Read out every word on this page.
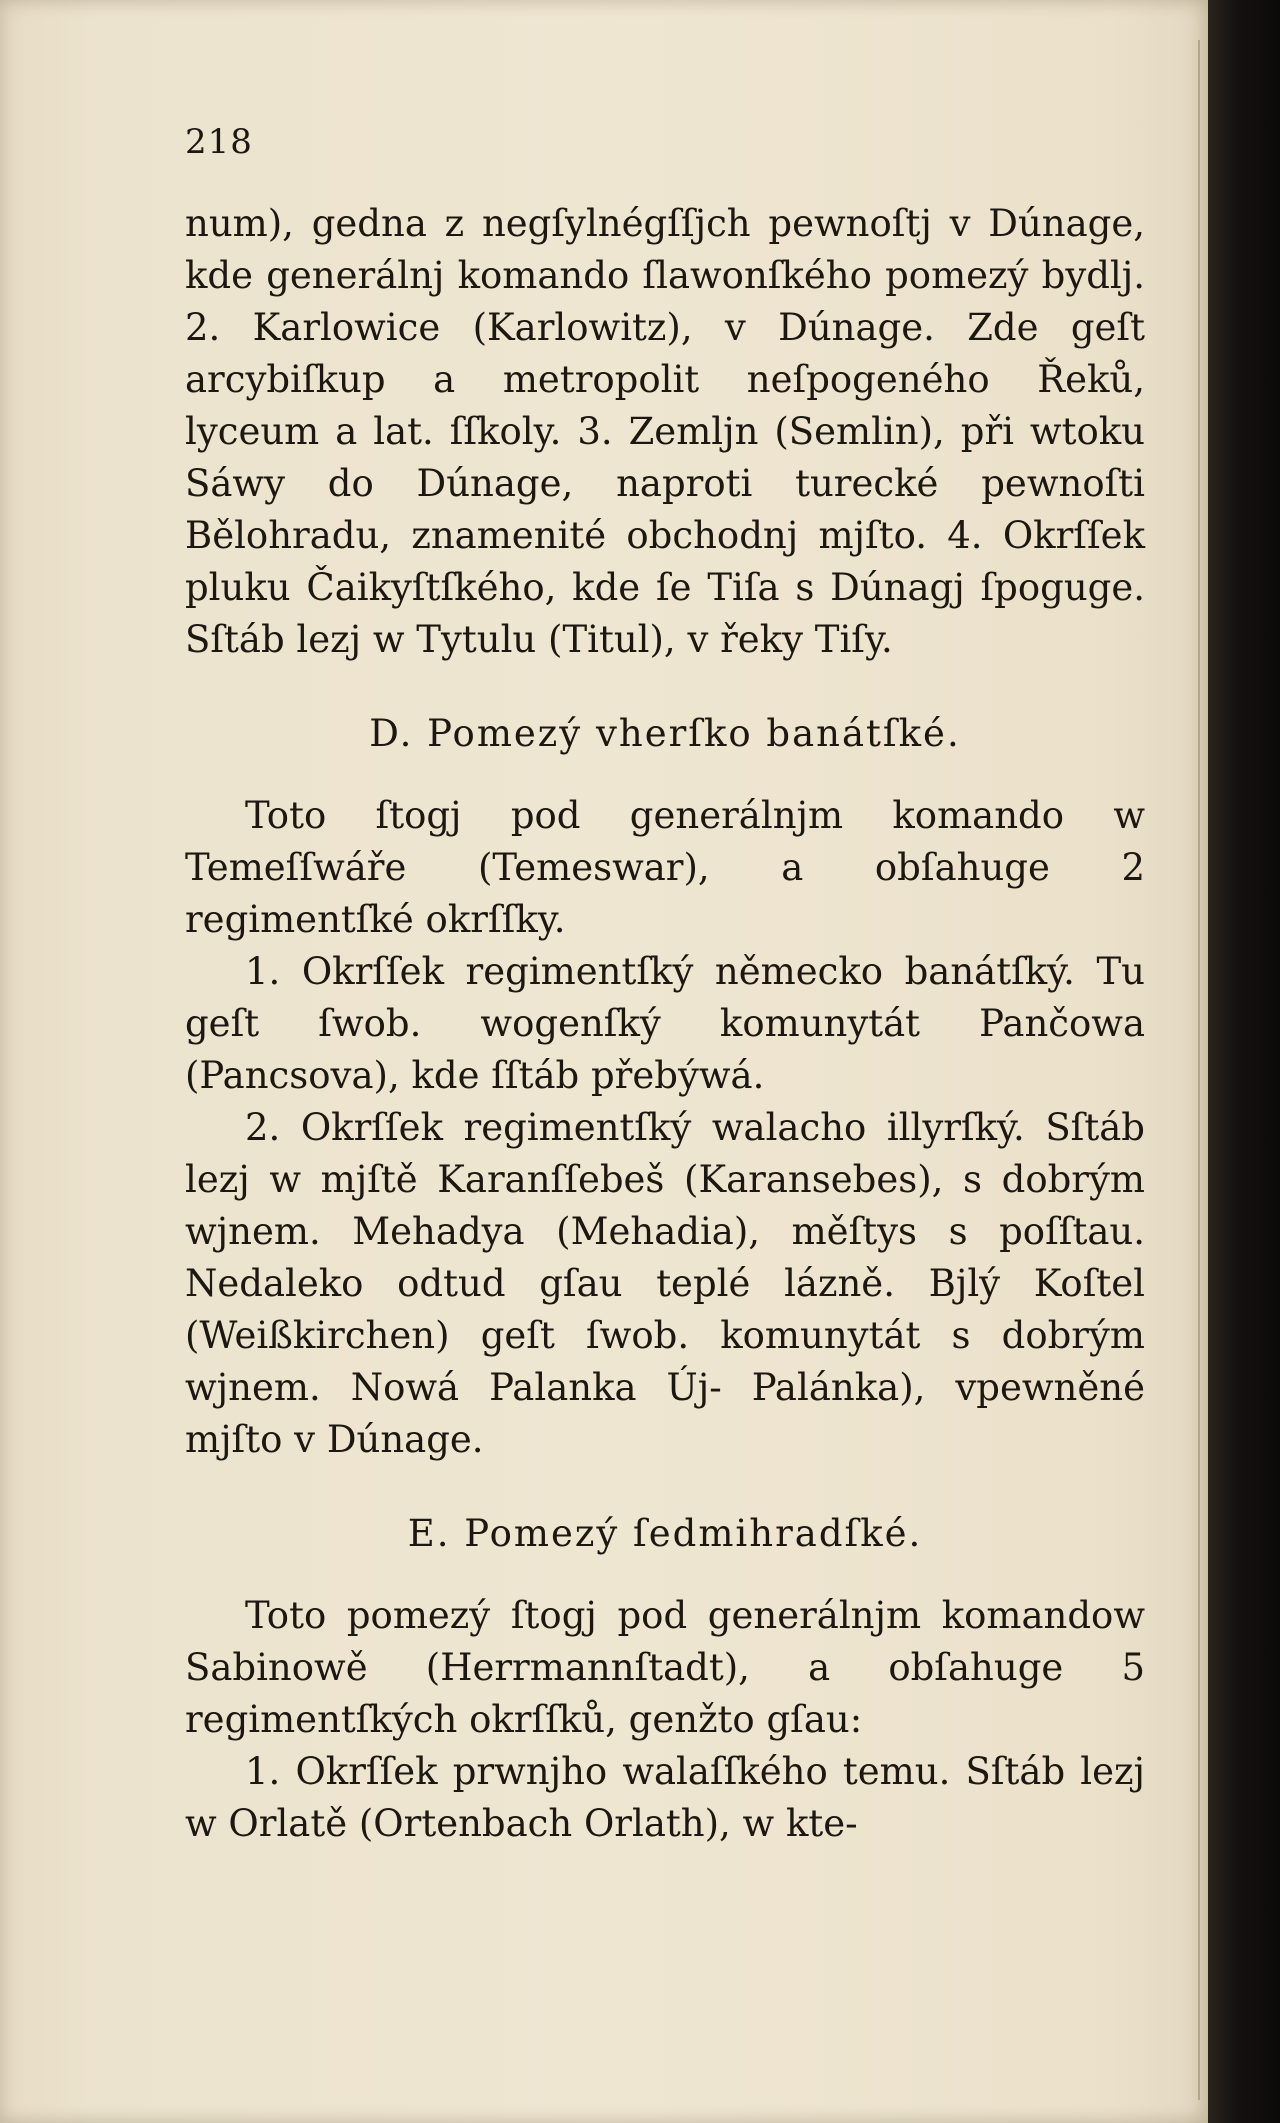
218

num), gedna z negſylnégſſjch pewnoſtj v Dúnage, kde generálnj komando ſlawonſkého pomezý bydlj. 2. Karlowice (Karlowitz), v Dúnage. Zde geſt arcybiſkup a metropolit neſpogeného Řeků, lyceum a lat. ſſkoly. 3. Zemljn (Semlin), při wtoku Sáwy do Dúnage, naproti turecké pewnoſti Bělohradu, znamenité obchodnj mjſto. 4. Okrſſek pluku Čaikyſtſkého, kde ſe Tiſa s Dúnagj ſpoguge. Sſtáb lezj w Tytulu (Titul), v řeky Tiſy.

D. Pomezý vherſko banátſké.

Toto ſtogj pod generálnjm komando w Temeſſwáře (Temeswar), a obſahuge 2 regimentſké okrſſky.

1. Okrſſek regimentſký německo banátſký. Tu geſt ſwob. wogenſký komunytát Pančowa (Pancsova), kde ſſtáb přebýwá.

2. Okrſſek regimentſký walacho illyrſký. Sſtáb lezj w mjſtě Karanſſebeš (Karansebes), s dobrým wjnem. Mehadya (Mehadia), měſtys s poſſtau. Nedaleko odtud gſau teplé lázně. Bjlý Koſtel (Weißkirchen) geſt ſwob. komunytát s dobrým wjnem. Nowá Palanka Új- Palánka), vpewněné mjſto v Dúnage.

E. Pomezý ſedmihradſké.

Toto pomezý ſtogj pod generálnjm komandow Sabinowě (Herrmannſtadt), a obſahuge 5 regimentſkých okrſſků, genžto gſau:

1. Okrſſek prwnjho walaſſkého temu. Sſtáb lezj w Orlatě (Ortenbach Orlath), w kte-
